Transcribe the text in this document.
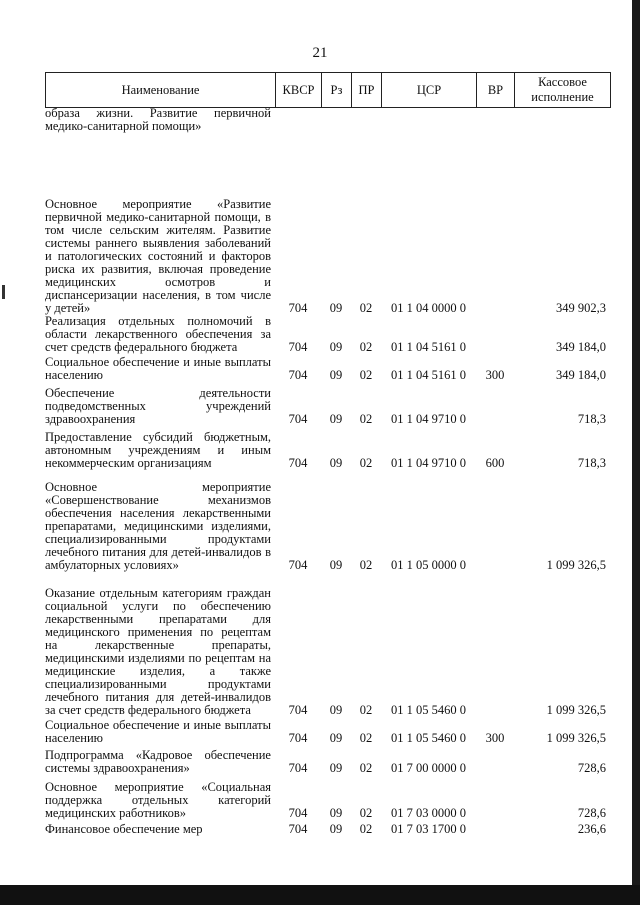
21
Наименование	КВСР	Рз	ПР	ЦСР	ВР	Кассовое исполнение
образа жизни. Развитие первичной медико-санитарной помощи»						
Основное мероприятие «Развитие первичной медико-санитарной помощи, в том числе сельским жителям. Развитие системы раннего выявления заболеваний и патологических состояний и факторов риска их развития, включая проведение медицинских осмотров и диспансеризации населения, в том числе у детей»	704	09	02	01 1 04 0000 0		349 902,3
Реализация отдельных полномочий в области лекарственного обеспечения за счет средств федерального бюджета	704	09	02	01 1 04 5161 0		349 184,0
Социальное обеспечение и иные выплаты населению	704	09	02	01 1 04 5161 0	300	349 184,0
Обеспечение деятельности подведомственных учреждений здравоохранения	704	09	02	01 1 04 9710 0		718,3
Предоставление субсидий бюджетным, автономным учреждениям и иным некоммерческим организациям	704	09	02	01 1 04 9710 0	600	718,3
Основное мероприятие «Совершенствование механизмов обеспечения населения лекарственными препаратами, медицинскими изделиями, специализированными продуктами лечебного питания для детей-инвалидов в амбулаторных условиях»	704	09	02	01 1 05 0000 0		1 099 326,5
Оказание отдельным категориям граждан социальной услуги по обеспечению лекарственными препаратами для медицинского применения по рецептам на лекарственные препараты, медицинскими изделиями по рецептам на медицинские изделия, а также специализированными продуктами лечебного питания для детей-инвалидов за счет средств федерального бюджета	704	09	02	01 1 05 5460 0		1 099 326,5
Социальное обеспечение и иные выплаты населению	704	09	02	01 1 05 5460 0	300	1 099 326,5
Подпрограмма «Кадровое обеспечение системы здравоохранения»	704	09	02	01 7 00 0000 0		728,6
Основное мероприятие «Социальная поддержка отдельных категорий медицинских работников»	704	09	02	01 7 03 0000 0		728,6
Финансовое обеспечение мер	704	09	02	01 7 03 1700 0		236,6
